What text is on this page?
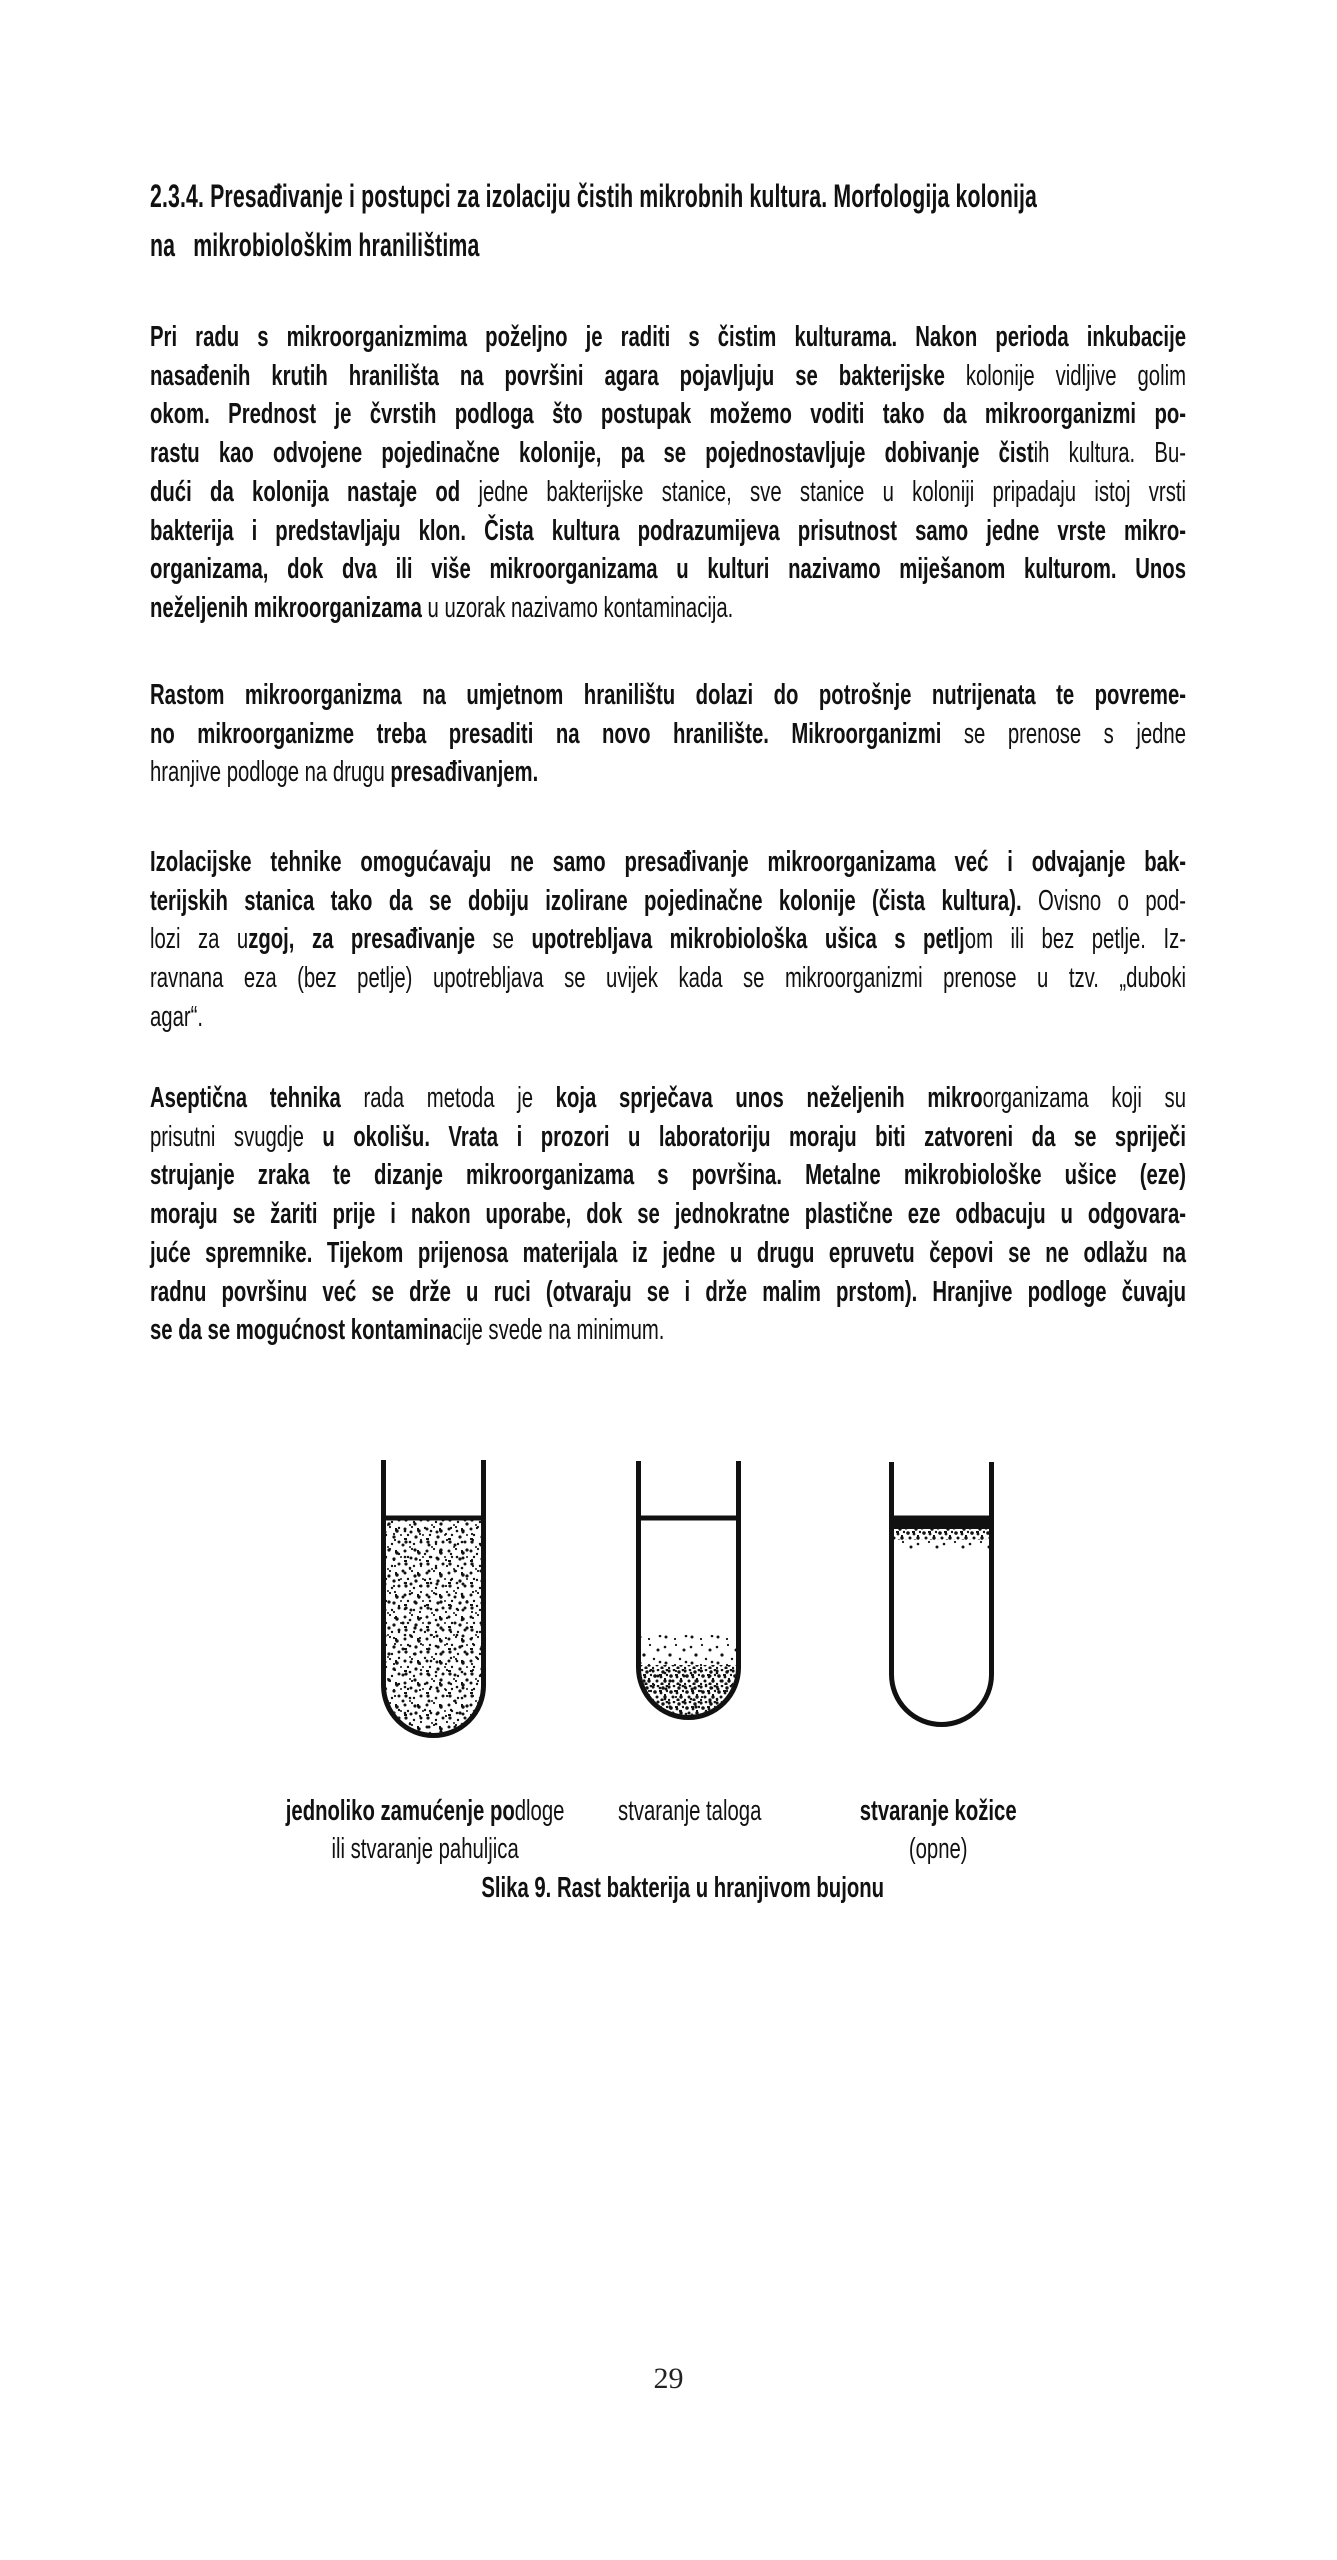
2.3.4. Presađivanje i postupci za izolaciju čistih mikrobnih kultura. Morfologija kolonija
na   mikrobiološkim hranilištima
Pri radu s mikroorganizmima poželjno je raditi s čistim kulturama. Nakon perioda inkubacije
nasađenih krutih hranilišta na površini agara pojavljuju se bakterijske kolonije vidljive golim
okom. Prednost je čvrstih podloga što postupak možemo voditi tako da mikroorganizmi po-
rastu kao odvojene pojedinačne kolonije, pa se pojednostavljuje dobivanje čistih kultura. Bu-
dući da kolonija nastaje od jedne bakterijske stanice, sve stanice u koloniji pripadaju istoj vrsti
bakterija i predstavljaju klon. Čista kultura podrazumijeva prisutnost samo jedne vrste mikro-
organizama, dok dva ili više mikroorganizama u kulturi nazivamo miješanom kulturom. Unos
neželjenih mikroorganizama u uzorak nazivamo kontaminacija.
Rastom mikroorganizma na umjetnom hranilištu dolazi do potrošnje nutrijenata te povreme-
no mikroorganizme treba presaditi na novo hranilište. Mikroorganizmi se prenose s jedne
hranjive podloge na drugu presađivanjem.
Izolacijske tehnike omogućavaju ne samo presađivanje mikroorganizama već i odvajanje bak-
terijskih stanica tako da se dobiju izolirane pojedinačne kolonije (čista kultura). Ovisno o pod-
lozi za uzgoj, za presađivanje se upotrebljava mikrobiološka ušica s petljom ili bez petlje. Iz-
ravnana eza (bez petlje) upotrebljava se uvijek kada se mikroorganizmi prenose u tzv. „duboki
agar“.
Aseptična tehnika rada metoda je koja sprječava unos neželjenih mikroorganizama koji su
prisutni svugdje u okolišu. Vrata i prozori u laboratoriju moraju biti zatvoreni da se spriječi
strujanje zraka te dizanje mikroorganizama s površina. Metalne mikrobiološke ušice (eze)
moraju se žariti prije i nakon uporabe, dok se jednokratne plastične eze odbacuju u odgovara-
juće spremnike. Tijekom prijenosa materijala iz jedne u drugu epruvetu čepovi se ne odlažu na
radnu površinu već se drže u ruci (otvaraju se i drže malim prstom). Hranjive podloge čuvaju
se da se mogućnost kontaminacije svede na minimum.
jednoliko zamućenje podloge
ili stvaranje pahuljica
stvaranje taloga	stvaranje kožice
(opne)
Slika 9. Rast bakterija u hranjivom bujonu
29
